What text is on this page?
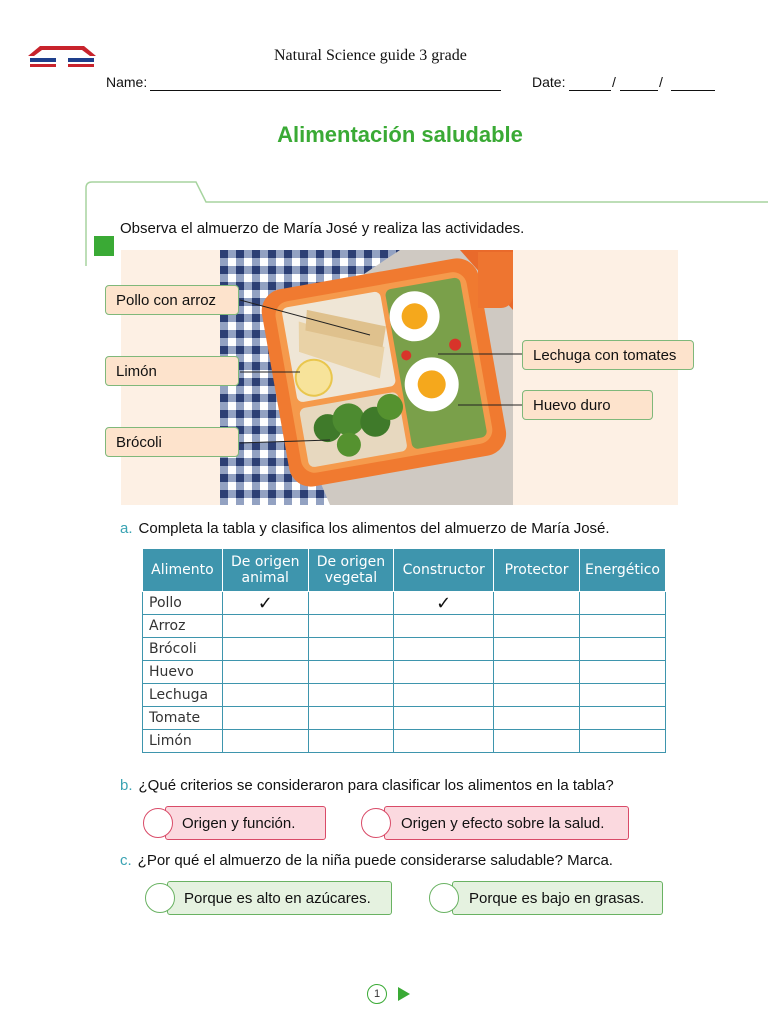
Natural Science guide 3 grade
Name:	Date:	/	/
Alimentación saludable
Observa el almuerzo de María José y realiza las actividades.
Pollo con arroz
Limón
Brócoli
Lechuga con tomates
Huevo duro
a. Completa la tabla y clasifica los alimentos del almuerzo de María José.
Alimento	De origen animal	De origen vegetal	Constructor	Protector	Energético
Pollo	✓		✓		
Arroz					
Brócoli					
Huevo					
Lechuga					
Tomate					
Limón					
b. ¿Qué criterios se consideraron para clasificar los alimentos en la tabla?
Origen y función.	Origen y efecto sobre la salud.
c. ¿Por qué el almuerzo de la niña puede considerarse saludable? Marca.
Porque es alto en azúcares.	Porque es bajo en grasas.
1
